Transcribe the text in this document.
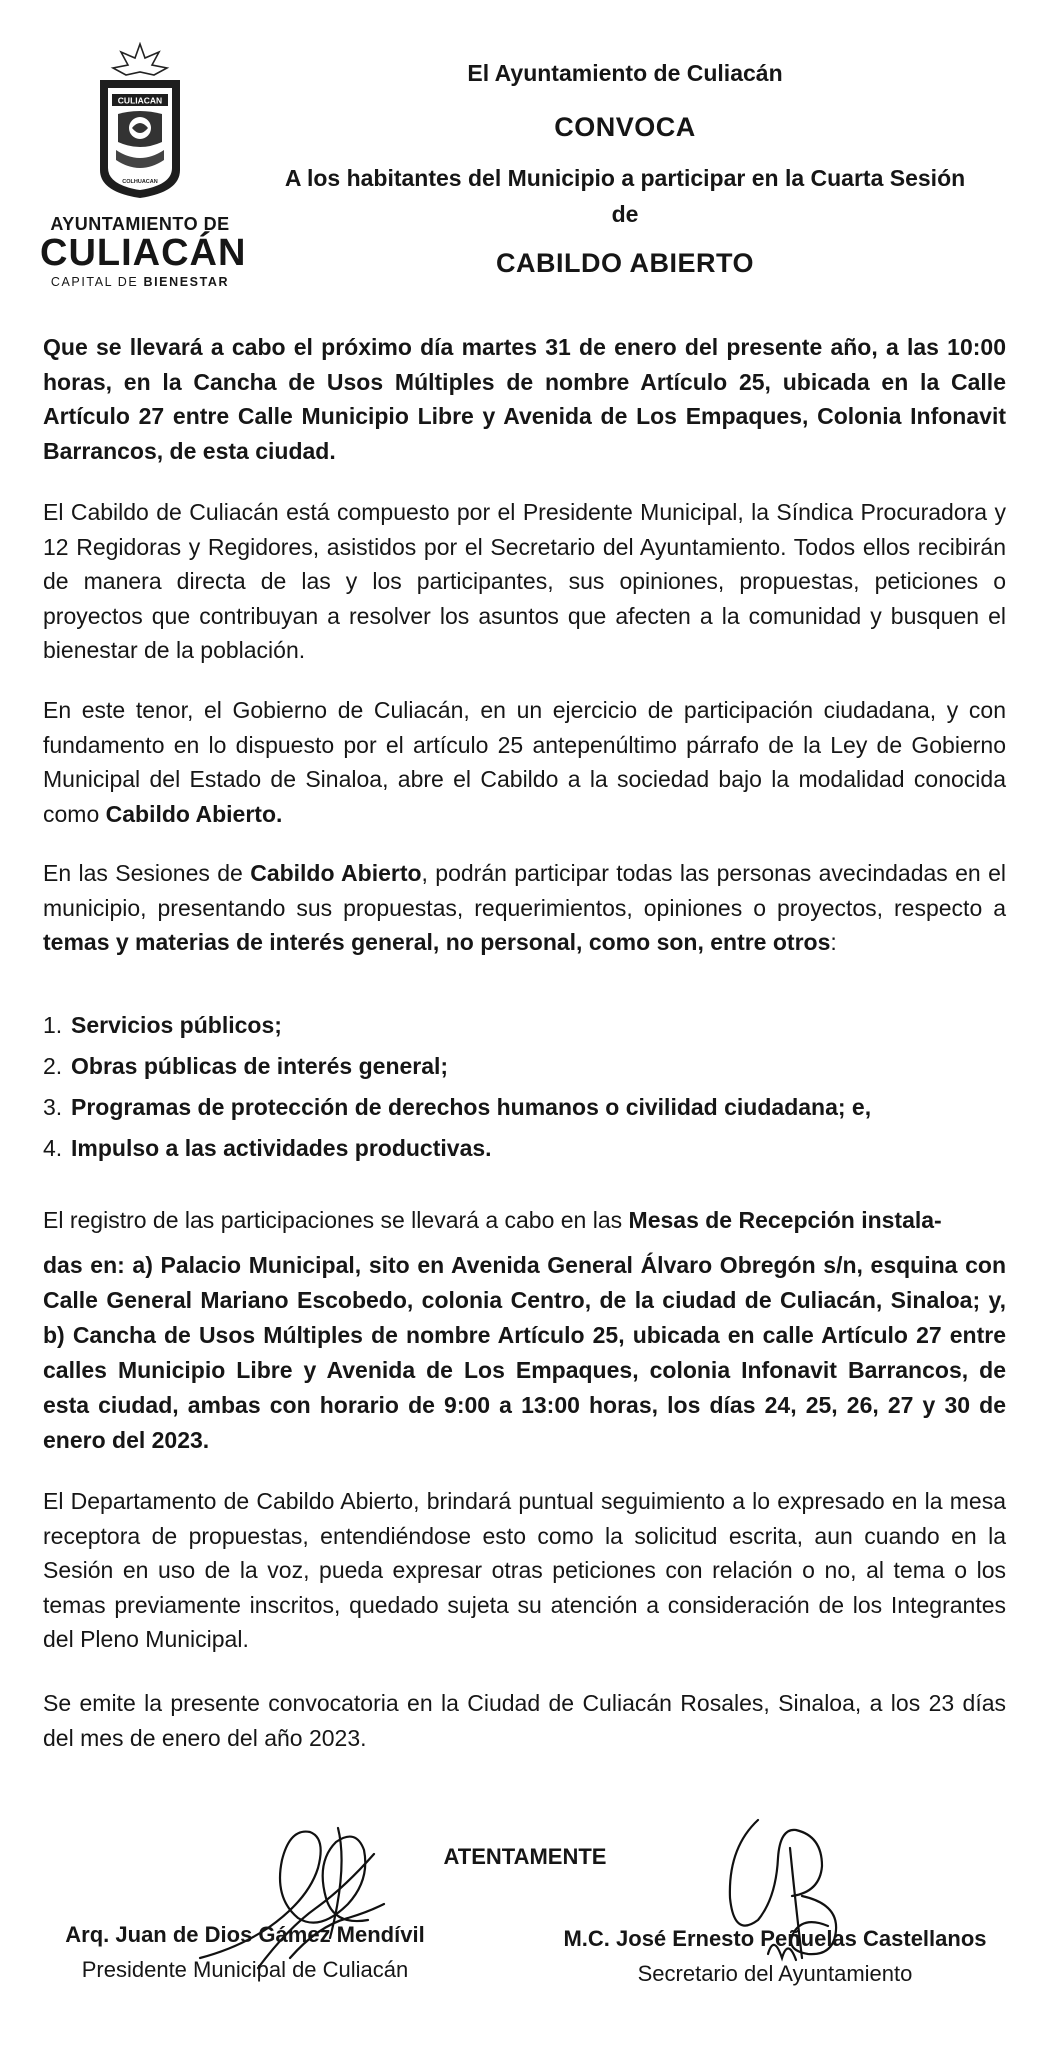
CULIACAN
COLHUACAN
AYUNTAMIENTO DE
CULIACÁN
CAPITAL DE BIENESTAR
El Ayuntamiento de Culiacán
CONVOCA
A los habitantes del Municipio a participar en la Cuarta Sesión de
CABILDO ABIERTO
Que se llevará a cabo el próximo día martes 31 de enero del presente año, a las 10:00 horas, en la Cancha de Usos Múltiples de nombre Artículo 25, ubicada en la Calle Artículo 27 entre Calle Municipio Libre y Avenida de Los Empaques, Colonia Infonavit Barrancos, de esta ciudad.
El Cabildo de Culiacán está compuesto por el Presidente Municipal, la Síndica Procuradora y 12 Regidoras y Regidores, asistidos por el Secretario del Ayuntamiento. Todos ellos recibirán de manera directa de las y los participantes, sus opiniones, propuestas, peticiones o proyectos que contribuyan a resolver los asuntos que afecten a la comunidad y busquen el bienestar de la población.
En este tenor, el Gobierno de Culiacán, en un ejercicio de participación ciudadana, y con fundamento en lo dispuesto por el artículo 25 antepenúltimo párrafo de la Ley de Gobierno Municipal del Estado de Sinaloa, abre el Cabildo a la sociedad bajo la modalidad conocida como Cabildo Abierto.
En las Sesiones de Cabildo Abierto, podrán participar todas las personas avecindadas en el municipio, presentando sus propuestas, requerimientos, opiniones o proyectos, respecto a temas y materias de interés general, no personal, como son, entre otros:
1. Servicios públicos;
2. Obras públicas de interés general;
3. Programas de protección de derechos humanos o civilidad ciudadana; e,
4. Impulso a las actividades productivas.
El registro de las participaciones se llevará a cabo en las Mesas de Recepción instala-
das en: a) Palacio Municipal, sito en Avenida General Álvaro Obregón s/n, esquina con Calle General Mariano Escobedo, colonia Centro, de la ciudad de Culiacán, Sinaloa; y, b) Cancha de Usos Múltiples de nombre Artículo 25, ubicada en calle Artículo 27 entre calles Municipio Libre y Avenida de Los Empaques, colonia Infonavit Barrancos, de esta ciudad, ambas con horario de 9:00 a 13:00 horas, los días 24, 25, 26, 27 y 30 de enero del 2023.
El Departamento de Cabildo Abierto, brindará puntual seguimiento a lo expresado en la mesa receptora de propuestas, entendiéndose esto como la solicitud escrita, aun cuando en la Sesión en uso de la voz, pueda expresar otras peticiones con relación o no, al tema o los temas previamente inscritos, quedado sujeta su atención a consideración de los Integrantes del Pleno Municipal.
Se emite la presente convocatoria en la Ciudad de Culiacán Rosales, Sinaloa, a los 23 días del mes de enero del año 2023.
ATENTAMENTE
Arq. Juan de Dios Gámez Mendívil
Presidente Municipal de Culiacán
M.C. José Ernesto Peñuelas Castellanos
Secretario del Ayuntamiento
